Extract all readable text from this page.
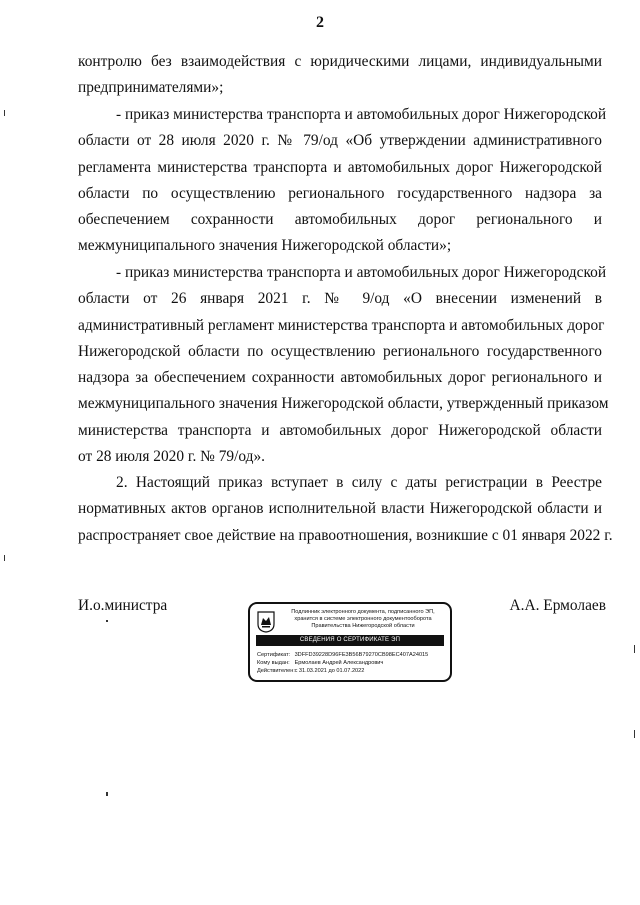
2
контролю без взаимодействия с юридическими лицами, индивидуальными
предпринимателями»;
- приказ министерства транспорта и автомобильных дорог Нижегородской
области от 28 июля 2020 г. № 79/од «Об утверждении административного
регламента министерства транспорта и автомобильных дорог Нижегородской
области по осуществлению регионального государственного надзора за
обеспечением сохранности автомобильных дорог регионального и
межмуниципального значения Нижегородской области»;
- приказ министерства транспорта и автомобильных дорог Нижегородской
области от 26 января 2021 г. № 9/од «О внесении изменений в
административный регламент министерства транспорта и автомобильных дорог
Нижегородской области по осуществлению регионального государственного
надзора за обеспечением сохранности автомобильных дорог регионального и
межмуниципального значения Нижегородской области, утвержденный приказом
министерства транспорта и автомобильных дорог Нижегородской области
от 28 июля 2020 г. № 79/од».
2. Настоящий приказ вступает в силу с даты регистрации в Реестре
нормативных актов органов исполнительной власти Нижегородской области и
распространяет свое действие на правоотношения, возникшие с 01 января 2022 г.
И.о.министра	А.А. Ермолаев
Подлинник электронного документа, подписанного ЭП,
хранится в системе электронного документооборота
Правительства Нижегородской области
СВЕДЕНИЯ О СЕРТИФИКАТЕ ЭП
Сертификат: 3DFFD39228D96FE3B56B79270CB98EC407A24015
Кому выдан: Ермолаев Андрей Александрович
Действителен: с 31.03.2021 до 01.07.2022
